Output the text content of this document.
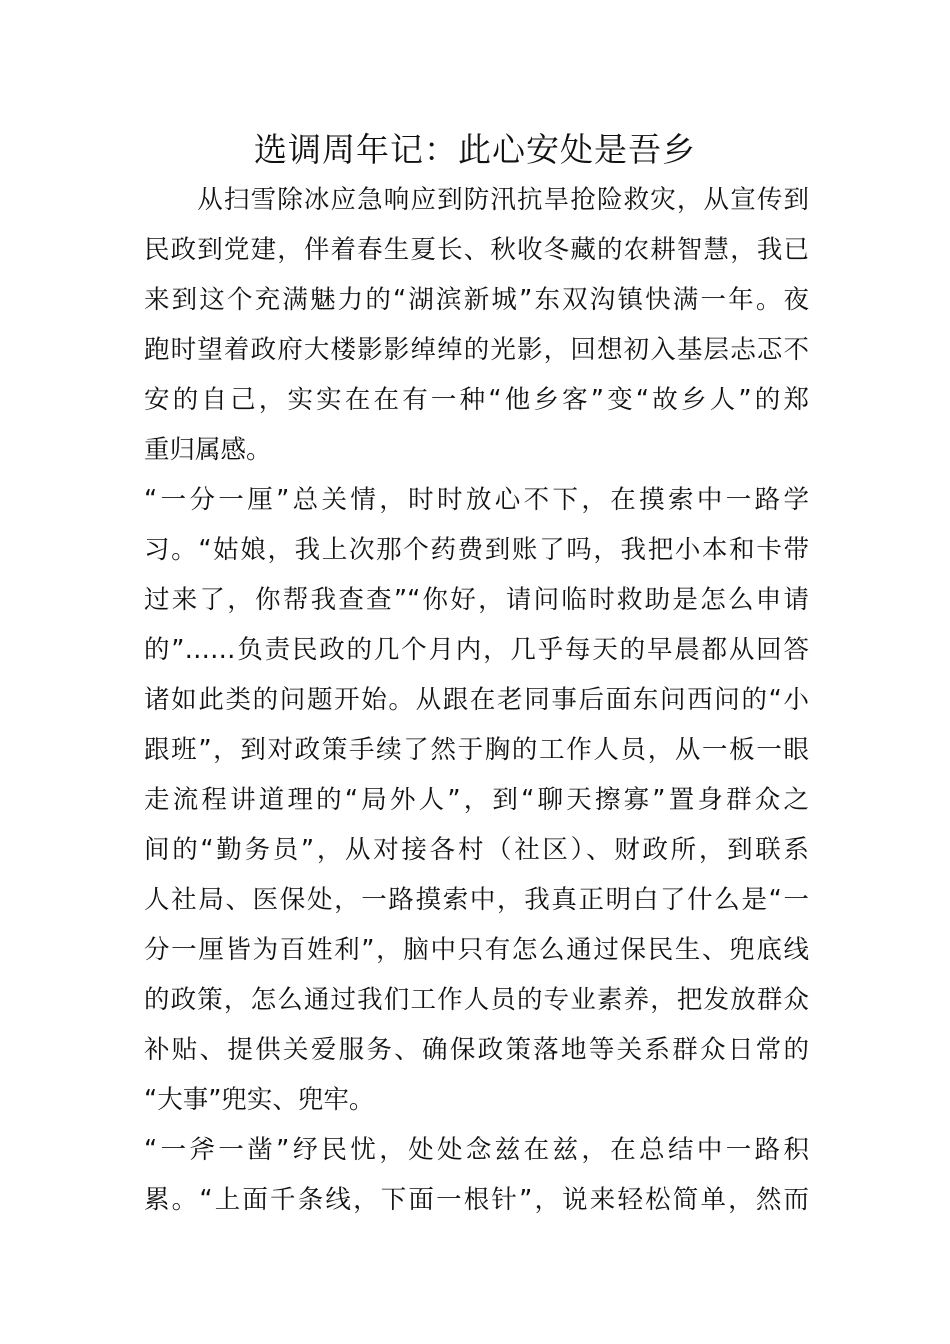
选调周年记：此心安处是吾乡
　　从扫雪除冰应急响应到防汛抗旱抢险救灾，从宣传到
民政到党建，伴着春生夏长、秋收冬藏的农耕智慧，我已
来到这个充满魅力的“湖滨新城”东双沟镇快满一年。夜
跑时望着政府大楼影影绰绰的光影，回想初入基层忐忑不
安的自己，实实在在有一种“他乡客”变“故乡人”的郑
重归属感。
“一分一厘”总关情，时时放心不下，在摸索中一路学
习。“姑娘，我上次那个药费到账了吗，我把小本和卡带
过来了，你帮我查查”“你好，请问临时救助是怎么申请
的”……负责民政的几个月内，几乎每天的早晨都从回答
诸如此类的问题开始。从跟在老同事后面东问西问的“小
跟班”，到对政策手续了然于胸的工作人员，从一板一眼
走流程讲道理的“局外人”，到“聊天擦寡”置身群众之
间的“勤务员”，从对接各村（社区）、财政所，到联系
人社局、医保处，一路摸索中，我真正明白了什么是“一
分一厘皆为百姓利”，脑中只有怎么通过保民生、兜底线
的政策，怎么通过我们工作人员的专业素养，把发放群众
补贴、提供关爱服务、确保政策落地等关系群众日常的
“大事”兜实、兜牢。
“一斧一凿”纾民忧，处处念兹在兹，在总结中一路积
累。“上面千条线，下面一根针”，说来轻松简单，然而
